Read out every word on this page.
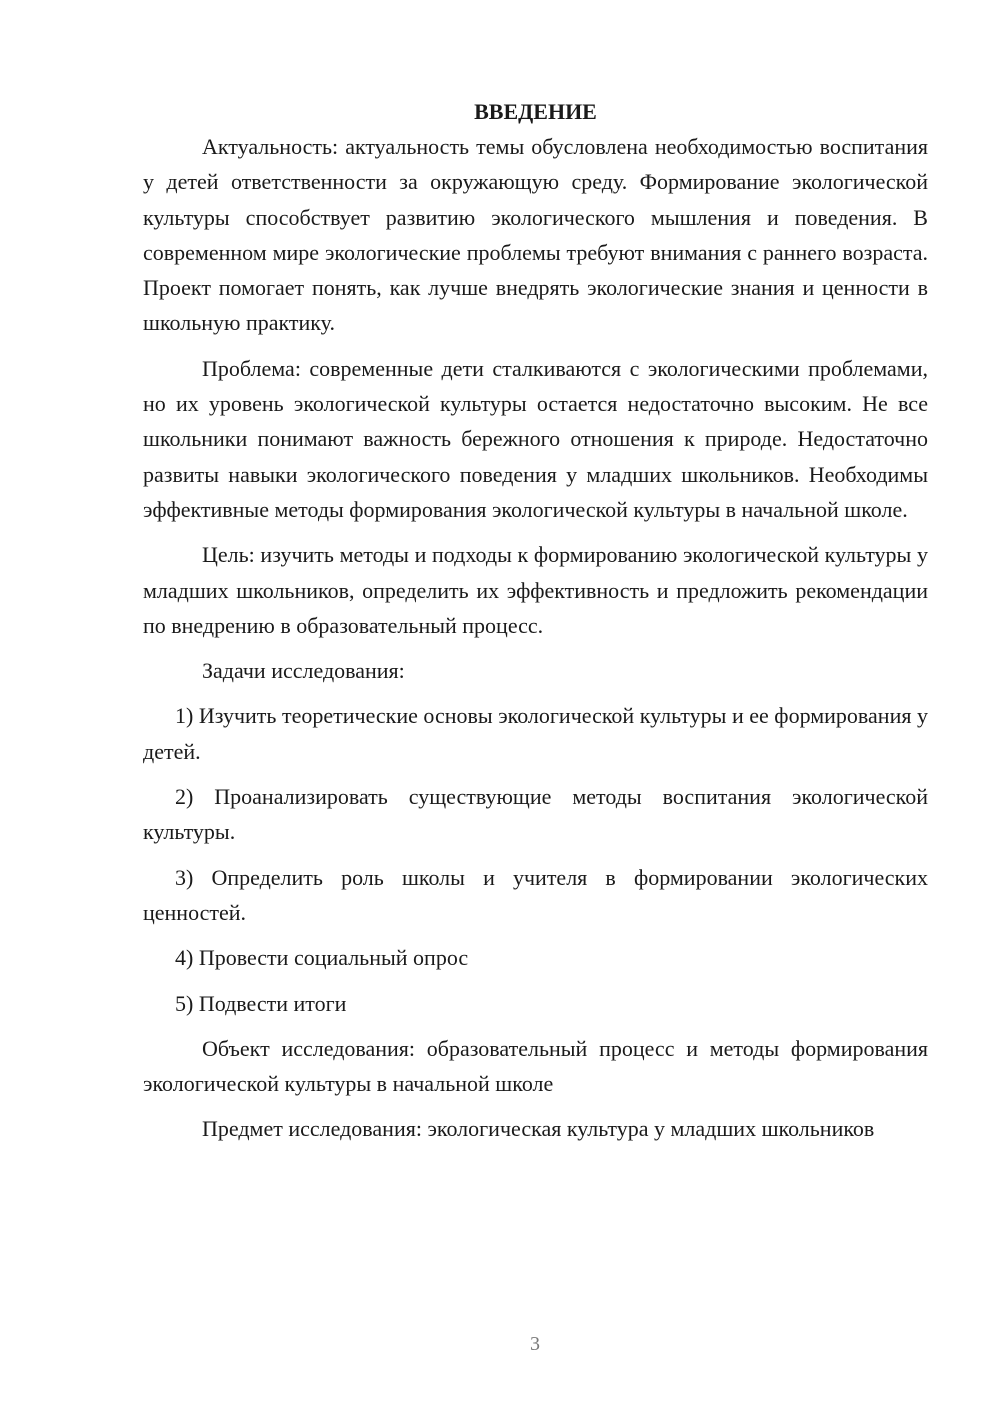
ВВЕДЕНИЕ

Актуальность: актуальность темы обусловлена необходимостью воспитания у детей ответственности за окружающую среду. Формирование экологической культуры способствует развитию экологического мышления и поведения. В современном мире экологические проблемы требуют внимания с раннего возраста. Проект помогает понять, как лучше внедрять экологические знания и ценности в школьную практику.

Проблема: современные дети сталкиваются с экологическими проблемами, но их уровень экологической культуры остается недостаточно высоким. Не все школьники понимают важность бережного отношения к природе. Недостаточно развиты навыки экологического поведения у младших школьников. Необходимы эффективные методы формирования экологической культуры в начальной школе.

Цель: изучить методы и подходы к формированию экологической культуры у младших школьников, определить их эффективность и предложить рекомендации по внедрению в образовательный процесс.

Задачи исследования:

1) Изучить теоретические основы экологической культуры и ее формирования у детей.

2) Проанализировать существующие методы воспитания экологической культуры.

3) Определить роль школы и учителя в формировании экологических ценностей.

4) Провести социальный опрос

5) Подвести итоги

Объект исследования: образовательный процесс и методы формирования экологической культуры в начальной школе

Предмет исследования: экологическая культура у младших школьников

3
